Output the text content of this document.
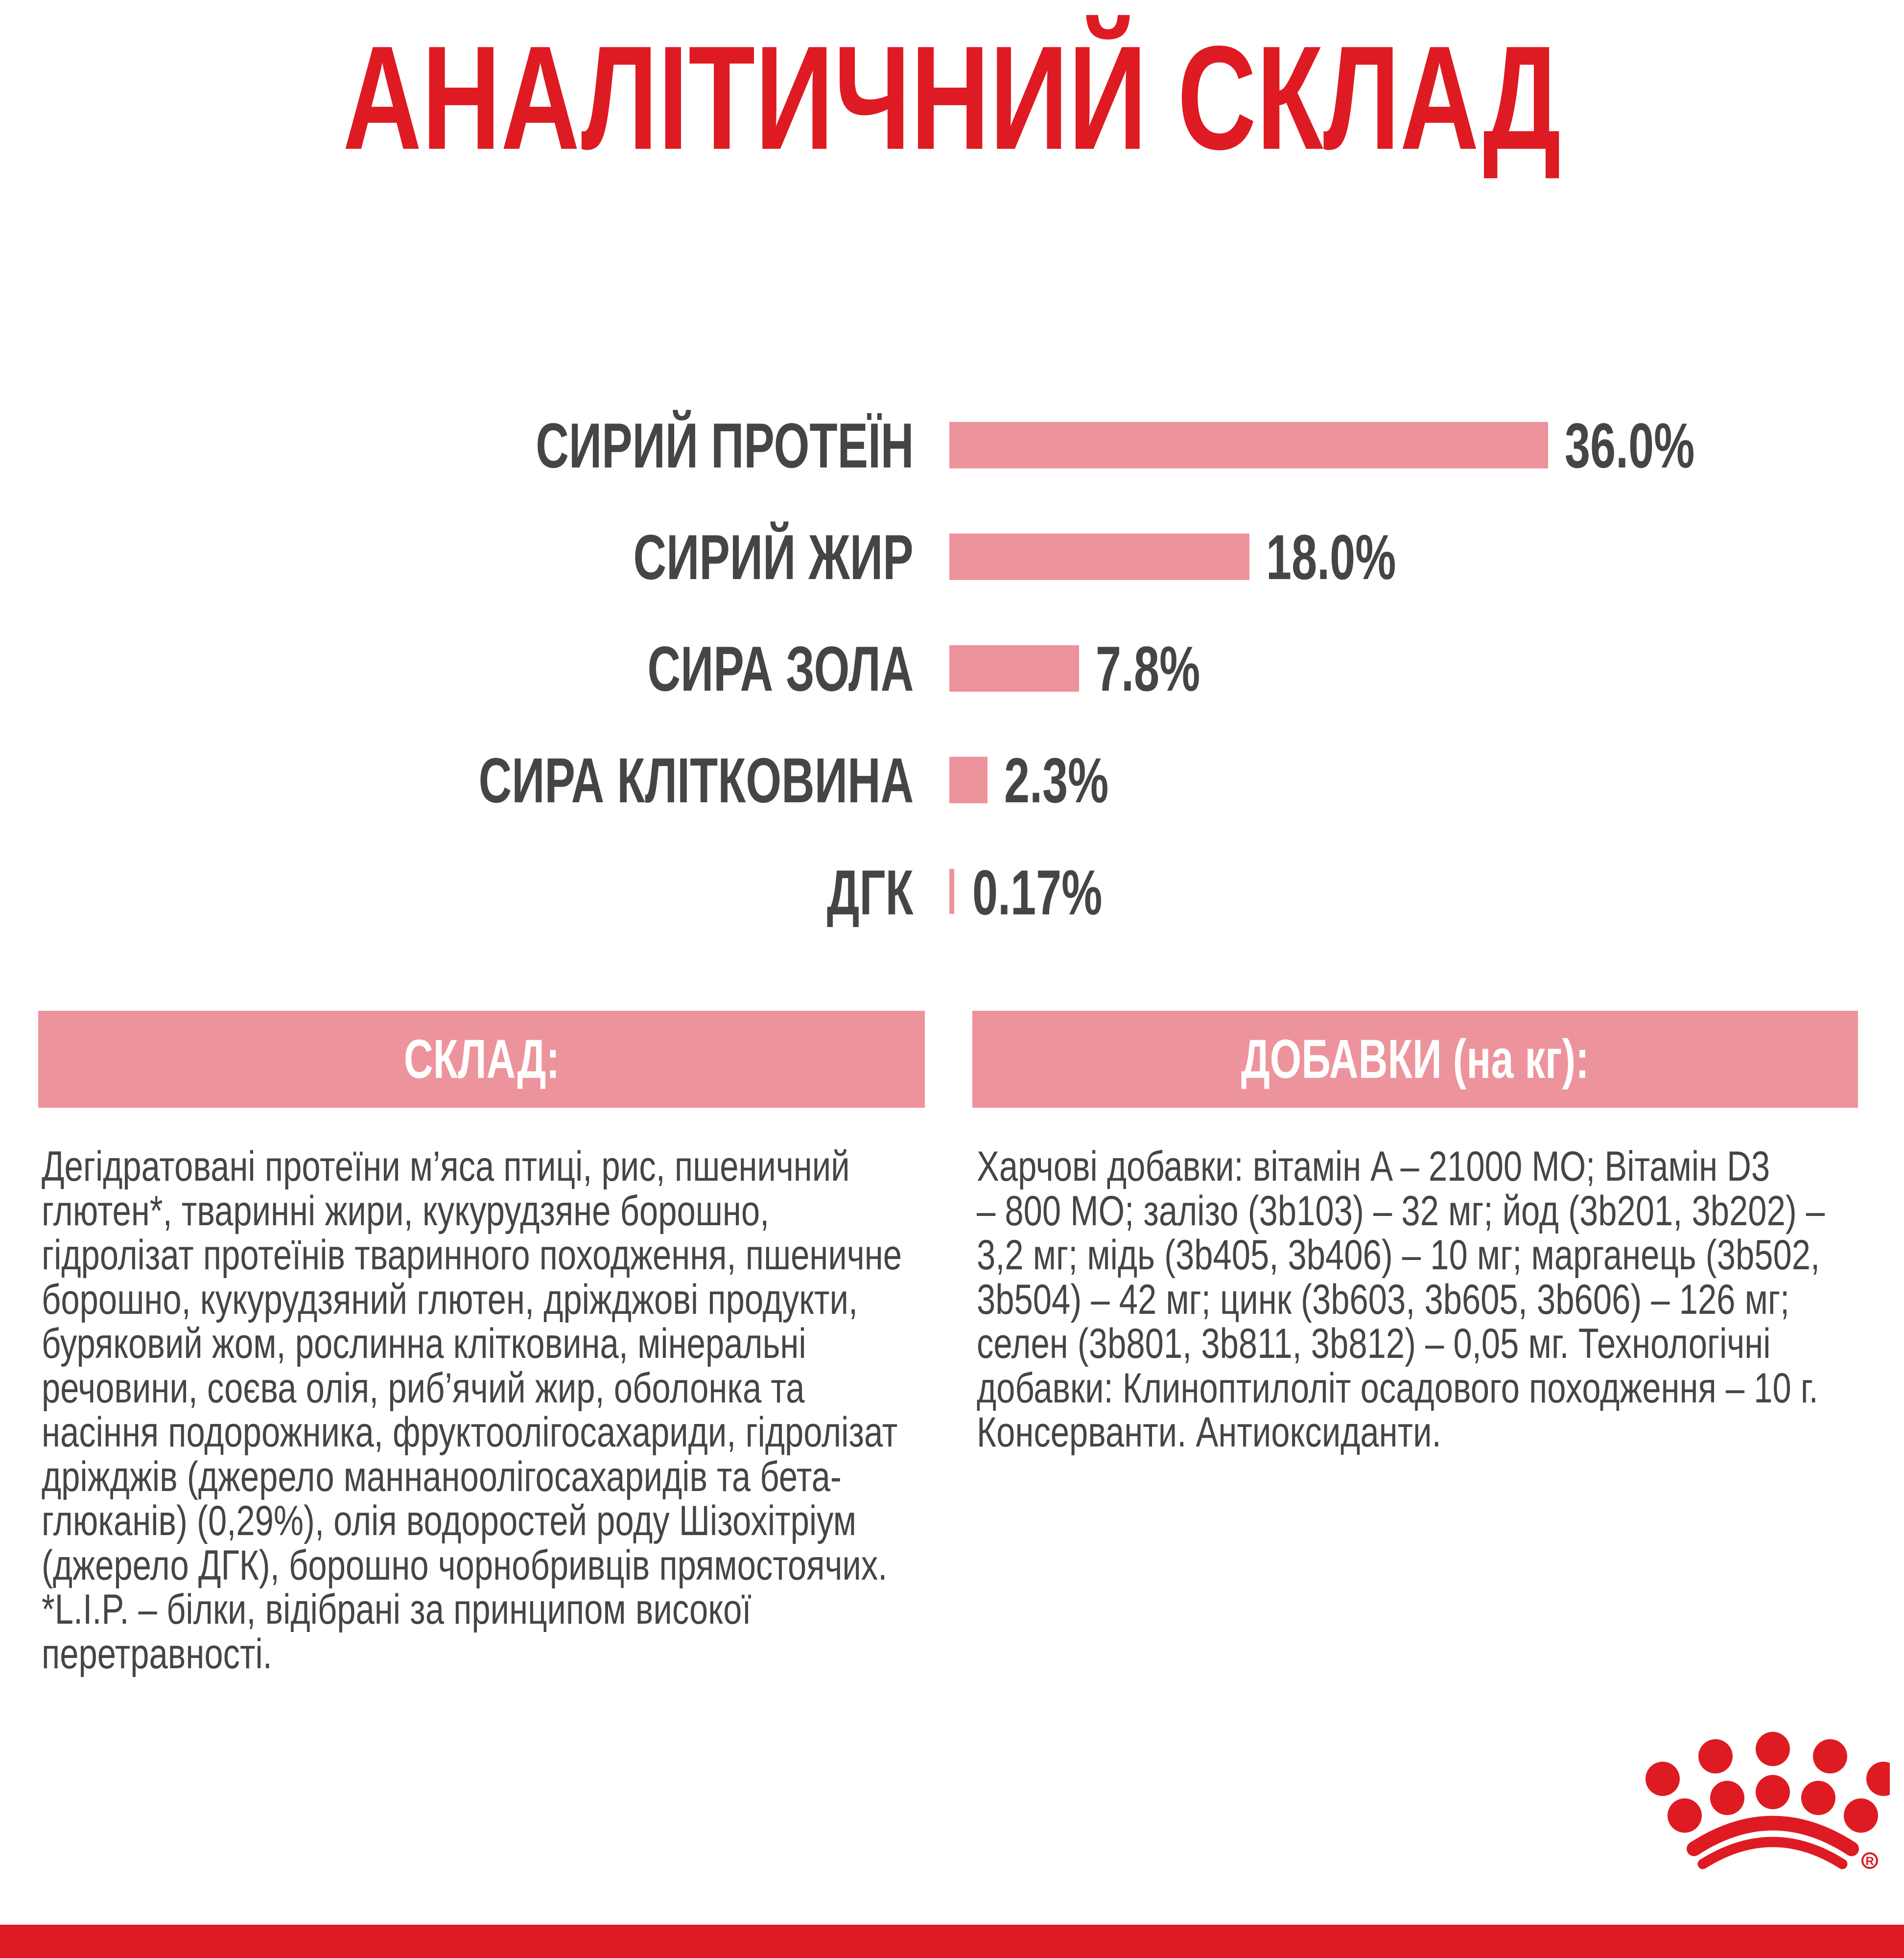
АНАЛІТИЧНИЙ СКЛАД
СИРИЙ ПРОТЕЇН	36.0%
СИРИЙ ЖИР	18.0%
СИРА ЗОЛА	7.8%
СИРА КЛІТКОВИНА 2.3%
ДГК 0.17%
СКЛАД:	ДОБАВКИ (на кг):
Дегідратовані протеїни м’яса птиці, рис, пшеничний
глютен*, тваринні жири, кукурудзяне борошно,
гідролізат протеїнів тваринного походження, пшеничне
борошно, кукурудзяний глютен, дріжджові продукти,
буряковий жом, рослинна клітковина, мінеральні
речовини, соєва олія, риб’ячий жир, оболонка та
насіння подорожника, фруктоолігосахариди, гідролізат
дріжджів (джерело маннаноолігосахаридів та бета-
глюканів) (0,29%), олія водоростей роду Шізохітріум
(джерело ДГК), борошно чорнобривців прямостоячих.
*L.I.P. – білки, відібрані за принципом високої
перетравності.
Харчові добавки: вітамін A – 21000 МО; Вітамін D3
– 800 МО; залізо (3b103) – 32 мг; йод (3b201, 3b202) –
3,2 мг; мідь (3b405, 3b406) – 10 мг; марганець (3b502,
3b504) – 42 мг; цинк (3b603, 3b605, 3b606) – 126 мг;
селен (3b801, 3b811, 3b812) – 0,05 мг. Технологічні
добавки: Клиноптилоліт осадового походження – 10 г.
Консерванти. Антиоксиданти.
R
